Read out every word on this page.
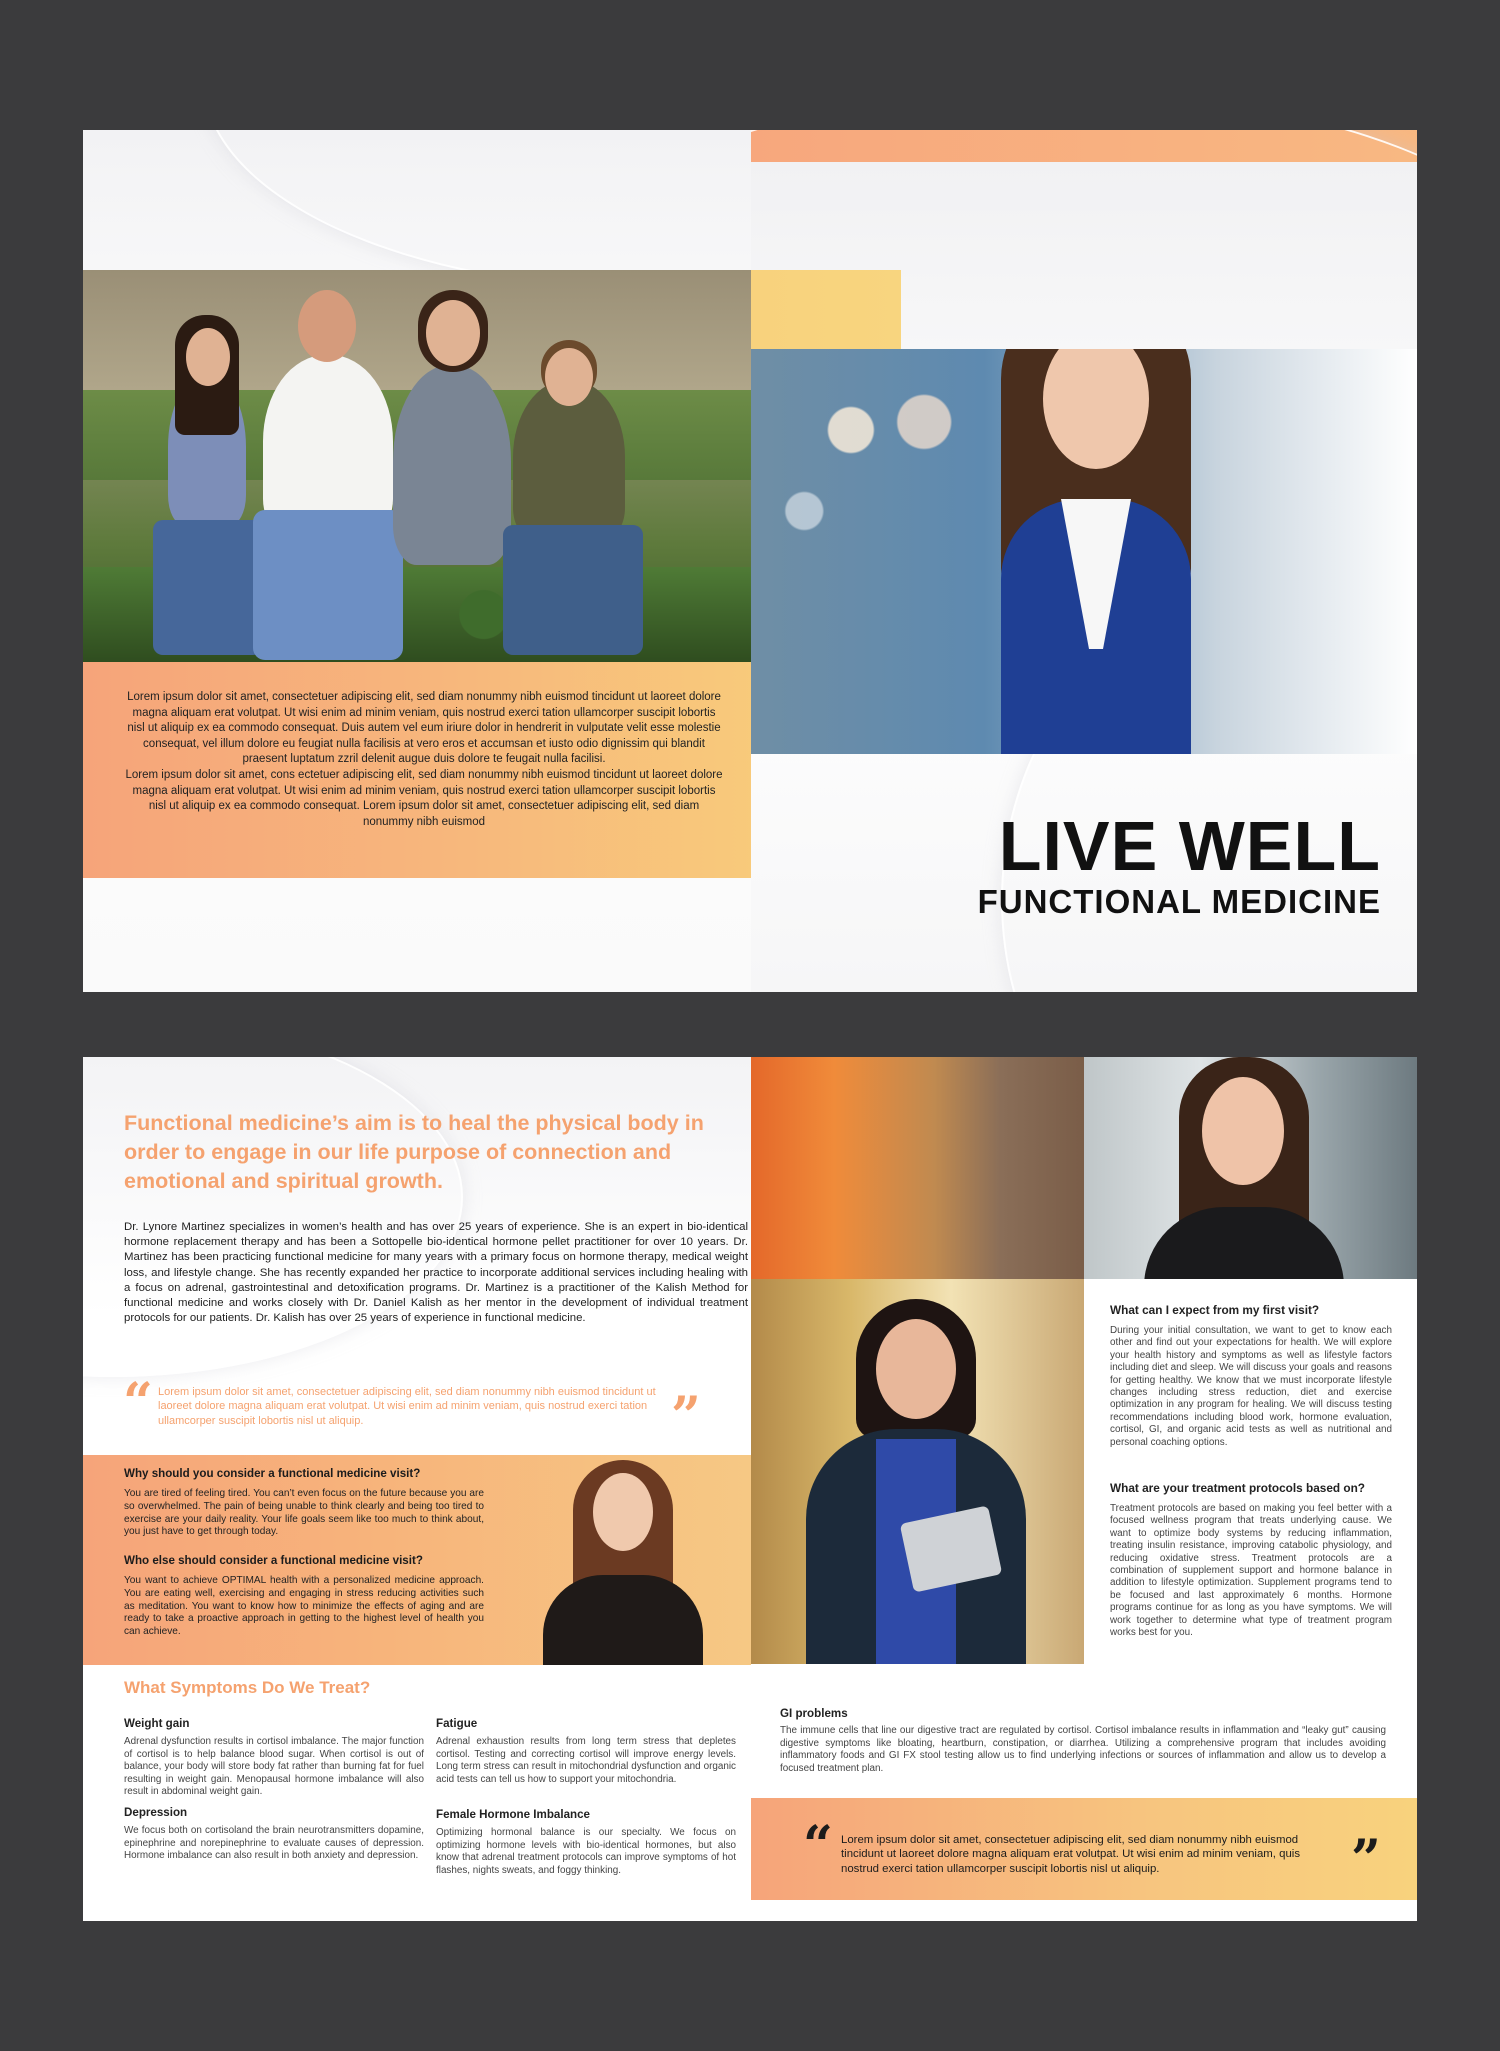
Lorem ipsum dolor sit amet, consectetuer adipiscing elit, sed diam nonummy nibh euismod tincidunt ut laoreet dolore magna aliquam erat volutpat. Ut wisi enim ad minim veniam, quis nostrud exerci tation ullamcorper suscipit lobortis nisl ut aliquip ex ea commodo consequat. Duis autem vel eum iriure dolor in hendrerit in vulputate velit esse molestie consequat, vel illum dolore eu feugiat nulla facilisis at vero eros et accumsan et iusto odio dignissim qui blandit praesent luptatum zzril delenit augue duis dolore te feugait nulla facilisi.
Lorem ipsum dolor sit amet, cons ectetuer adipiscing elit, sed diam nonummy nibh euismod tincidunt ut laoreet dolore magna aliquam erat volutpat. Ut wisi enim ad minim veniam, quis nostrud exerci tation ullamcorper suscipit lobortis nisl ut aliquip ex ea commodo consequat. Lorem ipsum dolor sit amet, consectetuer adipiscing elit, sed diam nonummy nibh euismod	LIVE WELL
FUNCTIONAL MEDICINE
Functional medicine’s aim is to heal the physical body in order to engage in our life purpose of connection and emotional and spiritual growth.
Dr. Lynore Martinez specializes in women’s health and has over 25 years of experience. She is an expert in bio-identical hormone replacement therapy and has been a Sottopelle bio-identical hormone pellet practitioner for over 10 years. Dr. Martinez has been practicing functional medicine for many years with a primary focus on hormone therapy, medical weight loss, and lifestyle change. She has recently expanded her practice to incorporate additional services including healing with a focus on adrenal, gastrointestinal and detoxification programs. Dr. Martinez is a practitioner of the Kalish Method for functional medicine and works closely with Dr. Daniel Kalish as her mentor in the development of individual treatment protocols for our patients. Dr. Kalish has over 25 years of experience in functional medicine.
“ Lorem ipsum dolor sit amet, consectetuer adipiscing elit, sed diam nonummy nibh euismod tincidunt ut laoreet dolore magna aliquam erat volutpat. Ut wisi enim ad minim veniam, quis nostrud exerci tation ullamcorper suscipit lobortis nisl ut aliquip.	”
Why should you consider a functional medicine visit?
You are tired of feeling tired. You can’t even focus on the future because you are so overwhelmed. The pain of being unable to think clearly and being too tired to exercise are your daily reality. Your life goals seem like too much to think about, you just have to get through today.
Who else should consider a functional medicine visit?
You want to achieve OPTIMAL health with a personalized medicine approach. You are eating well, exercising and engaging in stress reducing activities such as meditation. You want to know how to minimize the effects of aging and are ready to take a proactive approach in getting to the highest level of health you can achieve.
What Symptoms Do We Treat?
Weight gain
Adrenal dysfunction results in cortisol imbalance. The major function of cortisol is to help balance blood sugar. When cortisol is out of balance, your body will store body fat rather than burning fat for fuel resulting in weight gain. Menopausal hormone imbalance will also result in abdominal weight gain.
Fatigue
Adrenal exhaustion results from long term stress that depletes cortisol. Testing and correcting cortisol will improve energy levels. Long term stress can result in mitochondrial dysfunction and organic acid tests can tell us how to support your mitochondria.
Depression
We focus both on cortisoland the brain neurotransmitters dopamine, epinephrine and norepinephrine to evaluate causes of depression. Hormone imbalance can also result in both anxiety and depression.
Female Hormone Imbalance
Optimizing hormonal balance is our specialty. We focus on optimizing hormone levels with bio-identical hormones, but also know that adrenal treatment protocols can improve symptoms of hot flashes, nights sweats, and foggy thinking.
What can I expect from my first visit?
During your initial consultation, we want to get to know each other and find out your expectations for health. We will explore your health history and symptoms as well as lifestyle factors including diet and sleep. We will discuss your goals and reasons for getting healthy. We know that we must incorporate lifestyle changes including stress reduction, diet and exercise optimization in any program for healing. We will discuss testing recommendations including blood work, hormone evaluation, cortisol, GI, and organic acid tests as well as nutritional and personal coaching options.
What are your treatment protocols based on?
Treatment protocols are based on making you feel better with a focused wellness program that treats underlying cause. We want to optimize body systems by reducing inflammation, treating insulin resistance, improving catabolic physiology, and reducing oxidative stress. Treatment protocols are a combination of supplement support and hormone balance in addition to lifestyle optimization. Supplement programs tend to be focused and last approximately 6 months. Hormone programs continue for as long as you have symptoms. We will work together to determine what type of treatment program works best for you.
GI problems
The immune cells that line our digestive tract are regulated by cortisol. Cortisol imbalance results in inflammation and “leaky gut” causing digestive symptoms like bloating, heartburn, constipation, or diarrhea. Utilizing a comprehensive program that includes avoiding inflammatory foods and GI FX stool testing allow us to find underlying infections or sources of inflammation and allow us to develop a focused treatment plan.
“ Lorem ipsum dolor sit amet, consectetuer adipiscing elit, sed diam nonummy nibh euismod tincidunt ut laoreet dolore magna aliquam erat volutpat. Ut wisi enim ad minim veniam, quis nostrud exerci tation ullamcorper suscipit lobortis nisl ut aliquip.	”
